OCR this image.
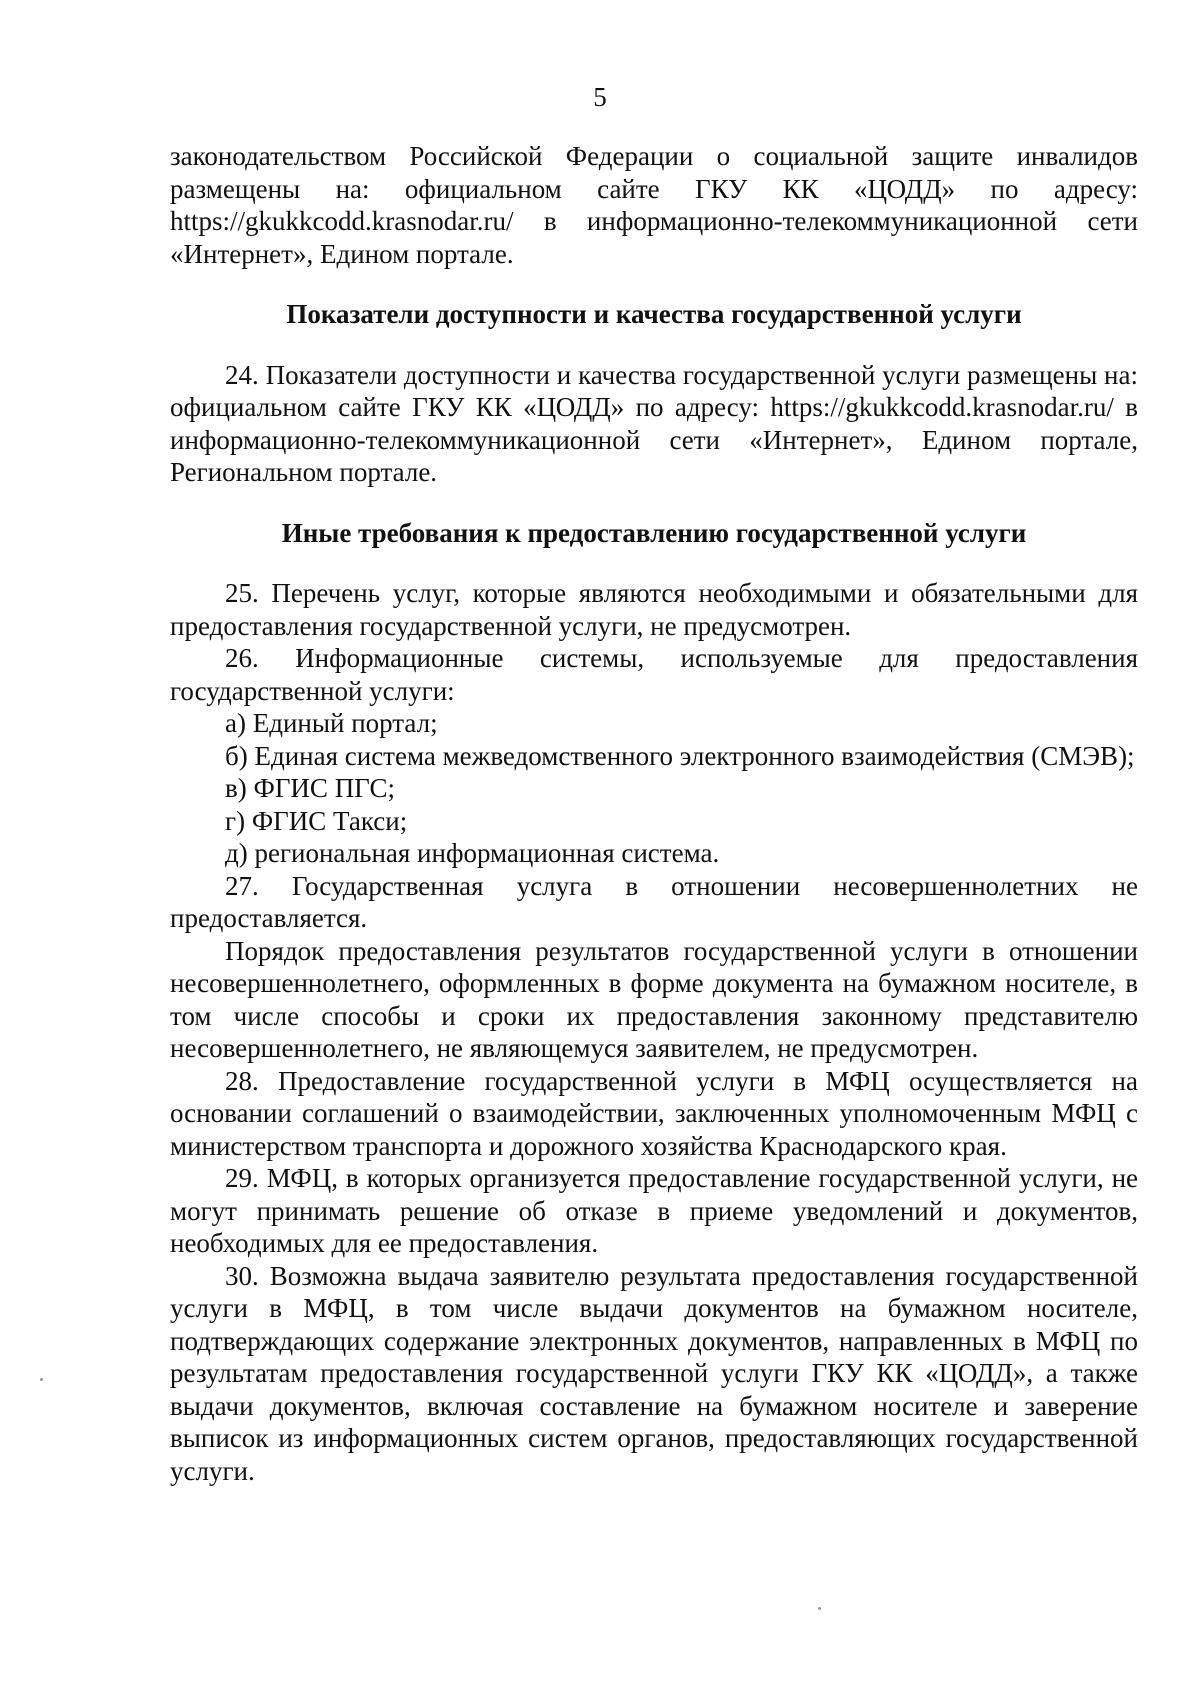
5

законодательством Российской Федерации о социальной защите инвалидов размещены на: официальном сайте ГКУ КК «ЦОДД» по адресу: https://gkukkcodd.krasnodar.ru/ в информационно-телекоммуникационной сети «Интернет», Едином портале.

Показатели доступности и качества государственной услуги

24. Показатели доступности и качества государственной услуги размещены на: официальном сайте ГКУ КК «ЦОДД» по адресу: https://gkukkcodd.krasnodar.ru/ в информационно-телекоммуникационной сети «Интернет», Едином портале, Региональном портале.

Иные требования к предоставлению государственной услуги

25. Перечень услуг, которые являются необходимыми и обязательными для предоставления государственной услуги, не предусмотрен.

26. Информационные системы, используемые для предоставления государственной услуги:

а) Единый портал;

б) Единая система межведомственного электронного взаимодействия (СМЭВ);

в) ФГИС ПГС;

г) ФГИС Такси;

д) региональная информационная система.

27. Государственная услуга в отношении несовершеннолетних не предоставляется.

Порядок предоставления результатов государственной услуги в отношении несовершеннолетнего, оформленных в форме документа на бумажном носителе, в том числе способы и сроки их предоставления законному представителю несовершеннолетнего, не являющемуся заявителем, не предусмотрен.

28. Предоставление государственной услуги в МФЦ осуществляется на основании соглашений о взаимодействии, заключенных уполномоченным МФЦ с министерством транспорта и дорожного хозяйства Краснодарского края.

29. МФЦ, в которых организуется предоставление государственной услуги, не могут принимать решение об отказе в приеме уведомлений и документов, необходимых для ее предоставления.

30. Возможна выдача заявителю результата предоставления государственной услуги в МФЦ, в том числе выдачи документов на бумажном носителе, подтверждающих содержание электронных документов, направленных в МФЦ по результатам предоставления государственной услуги ГКУ КК «ЦОДД», а также выдачи документов, включая составление на бумажном носителе и заверение выписок из информационных систем органов, предоставляющих государственной услуги.
